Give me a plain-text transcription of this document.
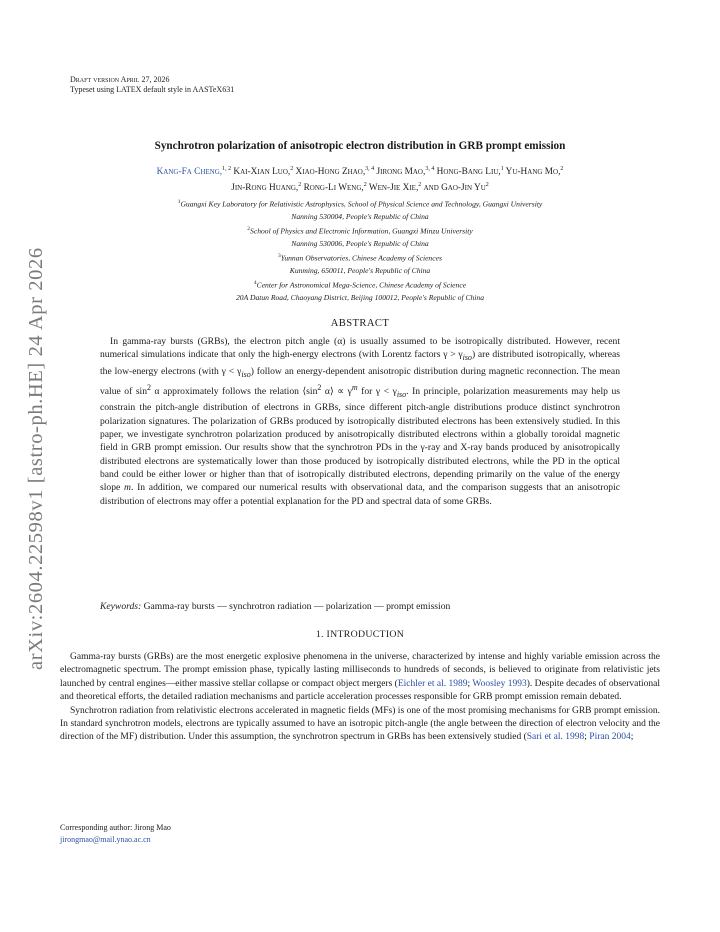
arXiv:2604.22598v1 [astro-ph.HE] 24 Apr 2026
Draft version April 27, 2026
Typeset using LATEX default style in AASTeX631
Synchrotron polarization of anisotropic electron distribution in GRB prompt emission
Kang-Fa Cheng,$^{1, 2}$ Kai-Xian Luo,$^2$ Xiao-Hong Zhao,$^{3, 4}$ Jirong Mao,$^{3, 4}$ Hong-Bang Liu,$^1$ Yu-Hang Mo,$^2$
Jin-Rong Huang,$^2$ Rong-Li Weng,$^2$ Wen-Jie Xie,$^2$ and Gao-Jin Yu$^2$
$^1$Guangxi Key Laboratory for Relativistic Astrophysics, School of Physical Science and Technology, Guangxi University
Nanning 530004, People's Republic of China
$^2$School of Physics and Electronic Information, Guangxi Minzu University
Nanning 530006, People's Republic of China
$^3$Yunnan Observatories, Chinese Academy of Sciences
Kunming, 650011, People's Republic of China
$^4$Center for Astronomical Mega-Science, Chinese Academy of Science
20A Datun Road, Chaoyang District, Beijing 100012, People's Republic of China
ABSTRACT
In gamma-ray bursts (GRBs), the electron pitch angle (α) is usually assumed to be isotropically distributed. However, recent numerical simulations indicate that only the high-energy electrons (with Lorentz factors $\gamma > \gamma_{iso}$) are distributed isotropically, whereas the low-energy electrons (with $\gamma < \gamma_{iso}$) follow an energy-dependent anisotropic distribution during magnetic reconnection. The mean value of $\sin^2 \alpha$ approximately follows the relation $⟨\sin^2$ α⟩ ∝ $\gamma^m$ for $\gamma < \gamma_{iso}$. In principle, polarization measurements may help us constrain the pitch-angle distribution of electrons in GRBs, since different pitch-angle distributions produce distinct synchrotron polarization signatures. The polarization of GRBs produced by isotropically distributed electrons has been extensively studied. In this paper, we investigate synchrotron polarization produced by anisotropically distributed electrons within a globally toroidal magnetic field in GRB prompt emission. Our results show that the synchrotron PDs in the γ-ray and X-ray bands produced by anisotropically distributed electrons are systematically lower than those produced by isotropically distributed electrons, while the PD in the optical band could be either lower or higher than that of isotropically distributed electrons, depending primarily on the value of the energy slope m. In addition, we compared our numerical results with observational data, and the comparison suggests that an anisotropic distribution of electrons may offer a potential explanation for the PD and spectral data of some GRBs.
Keywords: Gamma-ray bursts — synchrotron radiation — polarization — prompt emission
1. INTRODUCTION

Gamma-ray bursts (GRBs) are the most energetic explosive phenomena in the universe, characterized by intense and highly variable emission across the electromagnetic spectrum. The prompt emission phase, typically lasting milliseconds to hundreds of seconds, is believed to originate from relativistic jets launched by central engines—either massive stellar collapse or compact object mergers (Eichler et al. 1989; Woosley 1993). Despite decades of observational and theoretical efforts, the detailed radiation mechanisms and particle acceleration processes responsible for GRB prompt emission remain debated.

Synchrotron radiation from relativistic electrons accelerated in magnetic fields (MFs) is one of the most promising mechanisms for GRB prompt emission. In standard synchrotron models, electrons are typically assumed to have an isotropic pitch-angle (the angle between the direction of electron velocity and the direction of the MF) distribution. Under this assumption, the synchrotron spectrum in GRBs has been extensively studied (Sari et al. 1998; Piran 2004;

Corresponding author: Jirong Mao
jirongmao@mail.ynao.ac.cn
